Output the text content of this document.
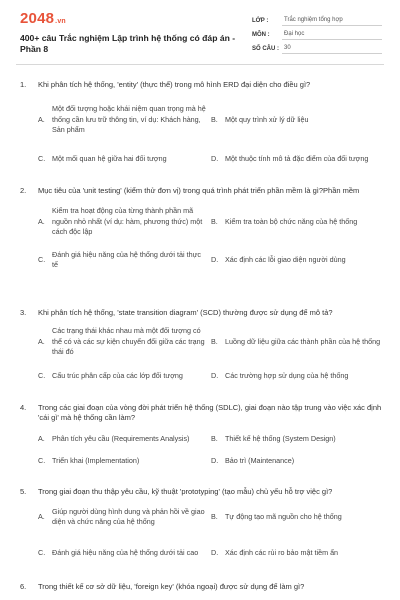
2048.vn
400+ câu Trắc nghiệm Lập trình hệ thống có đáp án - Phần 8
LỚP :	Trắc nghiệm tổng hợp
MÔN :	Đại học
SỐ CÂU : 30
1.	Khi phân tích hệ thống, 'entity' (thực thể) trong mô hình ERD đại diện cho điều gì?
A.
Một đối tượng hoặc khái niệm quan trọng mà hệ thống cần lưu trữ thông tin, ví dụ: Khách hàng, Sản phẩm
B.	Một quy trình xử lý dữ liệu
C. Một mối quan hệ giữa hai đối tượng	D. Một thuộc tính mô tả đặc điểm của đối tượng
2.	Mục tiêu của 'unit testing' (kiểm thử đơn vị) trong quá trình phát triển phần mềm là gì?Phần mềm
A.
Kiểm tra hoạt động của từng thành phần mã nguồn nhỏ nhất (ví dụ: hàm, phương thức) một cách độc lập
B.	Kiểm tra toàn bộ chức năng của hệ thống
C.
Đánh giá hiệu năng của hệ thống dưới tải thực tế
D. Xác định các lỗi giao diện người dùng
3.	Khi phân tích hệ thống, 'state transition diagram' (SCD) thường được sử dụng để mô tả?
A.
Các trạng thái khác nhau mà một đối tượng có thể có và các sự kiện chuyển đổi giữa các trạng thái đó
B.	Luồng dữ liệu giữa các thành phần của hệ thống
C. Cấu trúc phân cấp của các lớp đối tượng	D. Các trường hợp sử dụng của hệ thống
4.	Trong các giai đoạn của vòng đời phát triển hệ thống (SDLC), giai đoạn nào tập trung vào việc xác định 'cái gì' mà hệ thống cần làm?
A.	Phân tích yêu cầu (Requirements Analysis)	B.	Thiết kế hệ thống (System Design)
C. Triển khai (Implementation)	D. Bảo trì (Maintenance)
5.	Trong giai đoạn thu thập yêu cầu, kỹ thuật 'prototyping' (tạo mẫu) chủ yếu hỗ trợ việc gì?
A.
Giúp người dùng hình dung và phản hồi về giao diện và chức năng của hệ thống
B.	Tự động tạo mã nguồn cho hệ thống
C. Đánh giá hiệu năng của hệ thống dưới tải cao	D. Xác định các rủi ro bảo mật tiềm ẩn
6.	Trong thiết kế cơ sở dữ liệu, 'foreign key' (khóa ngoại) được sử dụng để làm gì?
